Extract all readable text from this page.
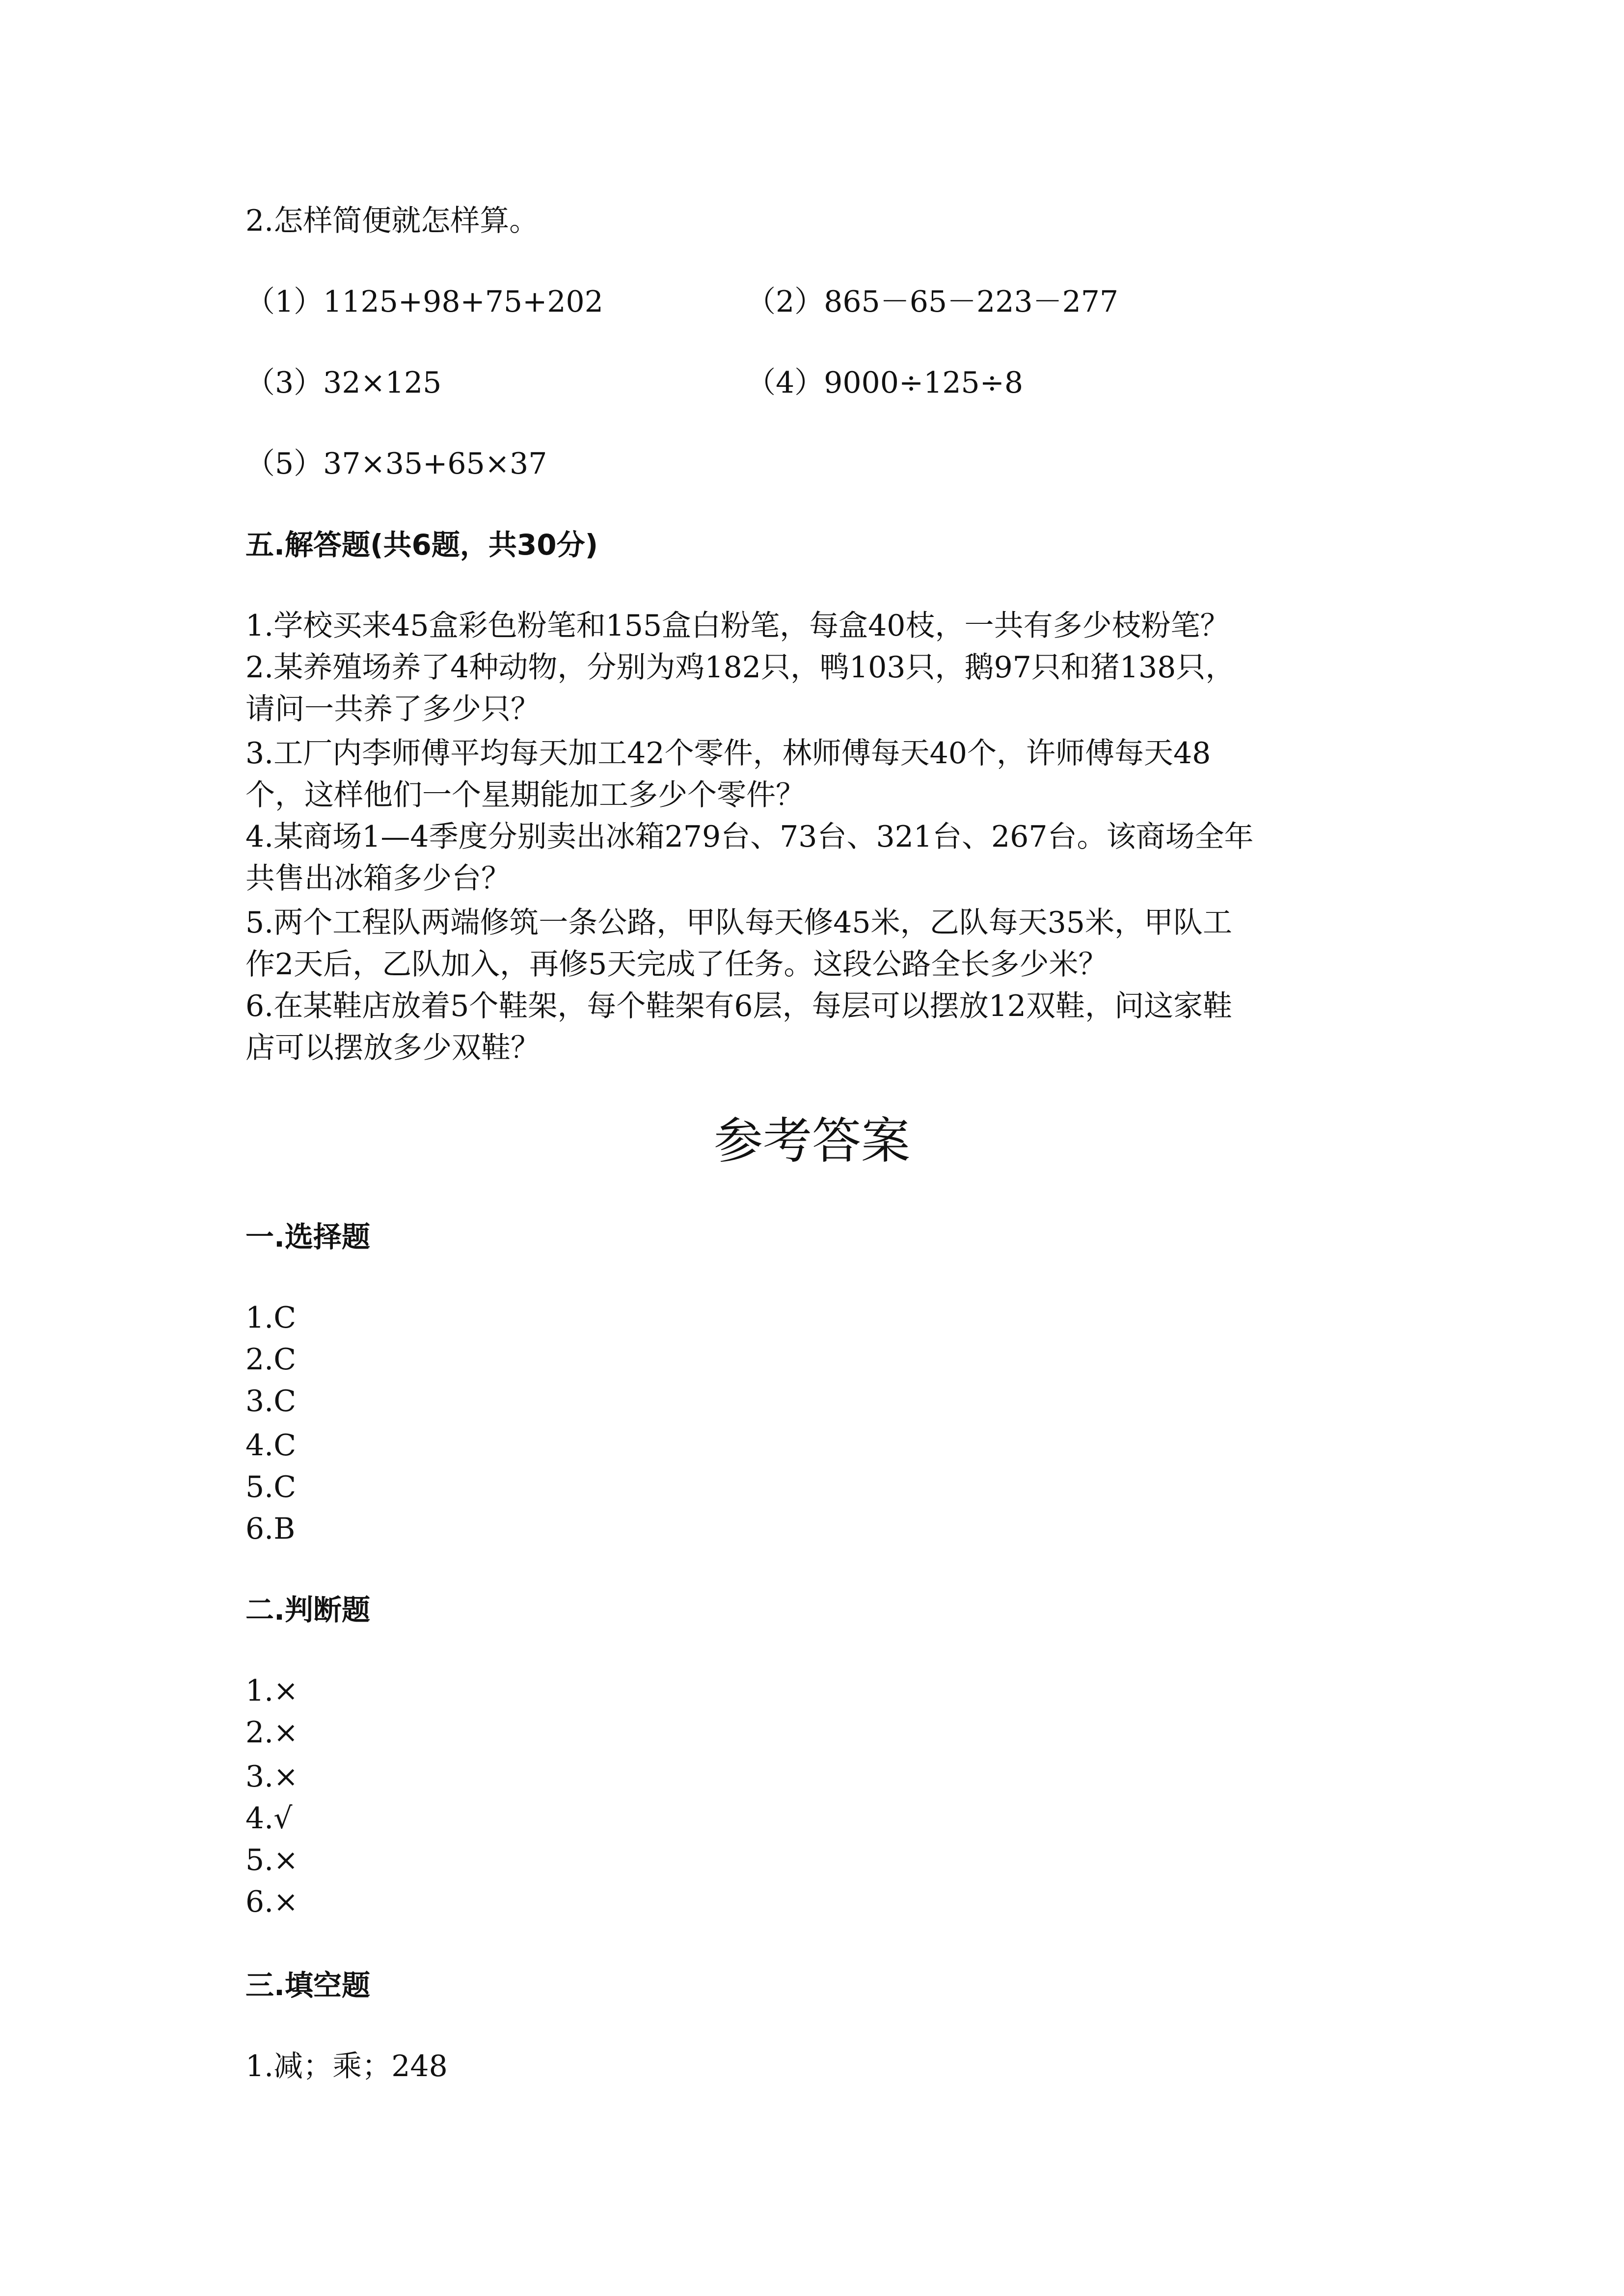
2.怎样简便就怎样算。
（1）1125+98+75+202	（2）865－65－223－277
（3）32×125	（4）9000÷125÷8
（5）37×35+65×37
五.解答题(共6题，共30分)
1.学校买来45盒彩色粉笔和155盒白粉笔，每盒40枝，一共有多少枝粉笔？
2.某养殖场养了4种动物，分别为鸡182只，鸭103只，鹅97只和猪138只，
请问一共养了多少只？
3.工厂内李师傅平均每天加工42个零件，林师傅每天40个，许师傅每天48
个，这样他们一个星期能加工多少个零件？
4.某商场1—4季度分别卖出冰箱279台、73台、321台、267台。该商场全年
共售出冰箱多少台？
5.两个工程队两端修筑一条公路，甲队每天修45米，乙队每天35米，甲队工
作2天后，乙队加入，再修5天完成了任务。这段公路全长多少米？
6.在某鞋店放着5个鞋架，每个鞋架有6层，每层可以摆放12双鞋，问这家鞋
店可以摆放多少双鞋？
参考答案
一.选择题
1.C
2.C
3.C
4.C
5.C
6.B
二.判断题
1.×
2.×
3.×
4.√
5.×
6.×
三.填空题
1.减；乘；248
